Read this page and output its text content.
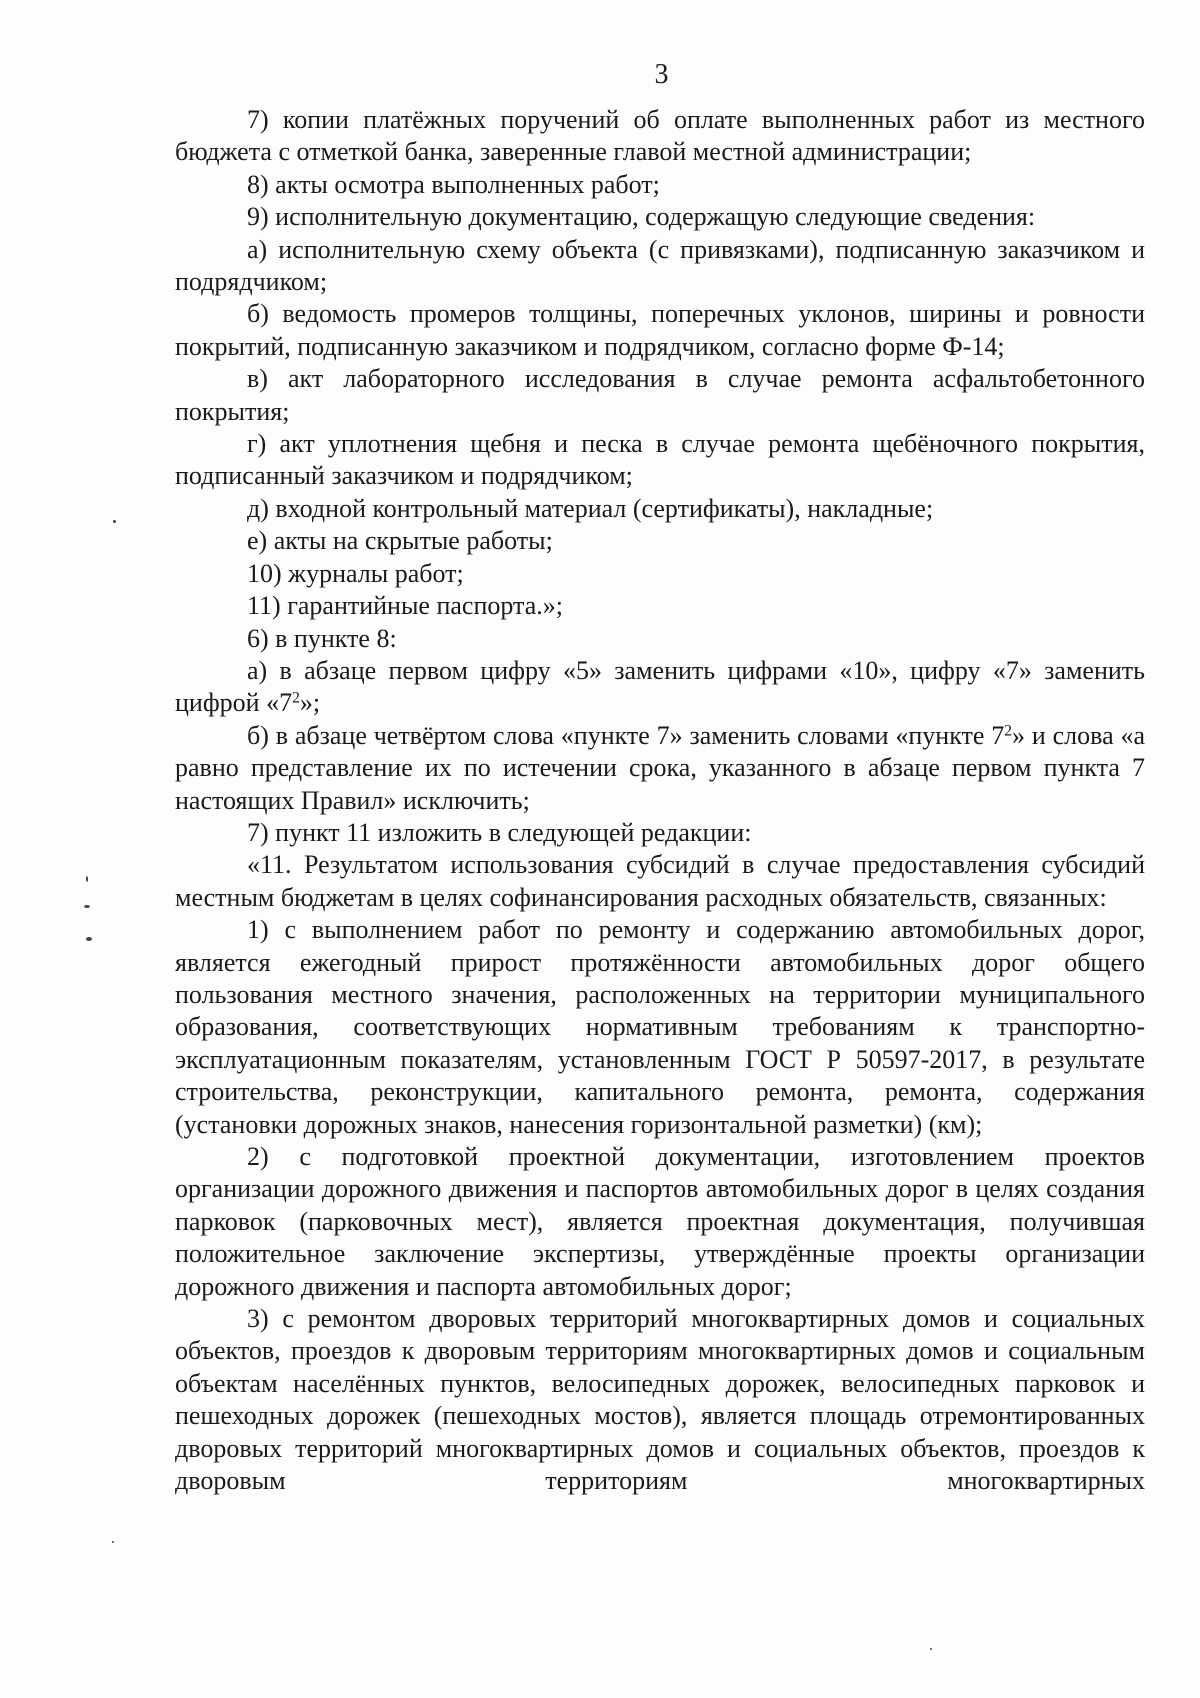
3

7) копии платёжных поручений об оплате выполненных работ из местного бюджета с отметкой банка, заверенные главой местной администрации;

8) акты осмотра выполненных работ;

9) исполнительную документацию, содержащую следующие сведения:

а) исполнительную схему объекта (с привязками), подписанную заказчиком и подрядчиком;

б) ведомость промеров толщины, поперечных уклонов, ширины и ровности покрытий, подписанную заказчиком и подрядчиком, согласно форме Ф-14;

в) акт лабораторного исследования в случае ремонта асфальтобетонного покрытия;

г) акт уплотнения щебня и песка в случае ремонта щебёночного покрытия, подписанный заказчиком и подрядчиком;

д) входной контрольный материал (сертификаты), накладные;

е) акты на скрытые работы;

10) журналы работ;

11) гарантийные паспорта.»;

6) в пункте 8:

а) в абзаце первом цифру «5» заменить цифрами «10», цифру «7» заменить цифрой «$7^2$»;

б) в абзаце четвёртом слова «пункте 7» заменить словами «пункте $7^2$» и слова «а равно представление их по истечении срока, указанного в абзаце первом пункта 7 настоящих Правил» исключить;

7) пункт 11 изложить в следующей редакции:

«11. Результатом использования субсидий в случае предоставления субсидий местным бюджетам в целях софинансирования расходных обязательств, связанных:

1) с выполнением работ по ремонту и содержанию автомобильных дорог, является ежегодный прирост протяжённости автомобильных дорог общего пользования местного значения, расположенных на территории муниципального образования, соответствующих нормативным требованиям к транспортно-эксплуатационным показателям, установленным ГОСТ Р 50597-2017, в результате строительства, реконструкции, капитального ремонта, ремонта, содержания (установки дорожных знаков, нанесения горизонтальной разметки) (км);

2) с подготовкой проектной документации, изготовлением проектов организации дорожного движения и паспортов автомобильных дорог в целях создания парковок (парковочных мест), является проектная документация, получившая положительное заключение экспертизы, утверждённые проекты организации дорожного движения и паспорта автомобильных дорог;

3) с ремонтом дворовых территорий многоквартирных домов и социальных объектов, проездов к дворовым территориям многоквартирных домов и социальным объектам населённых пунктов, велосипедных дорожек, велосипедных парковок и пешеходных дорожек (пешеходных мостов), является площадь отремонтированных дворовых территорий многоквартирных домов и социальных объектов, проездов к дворовым территориям многоквартирных
